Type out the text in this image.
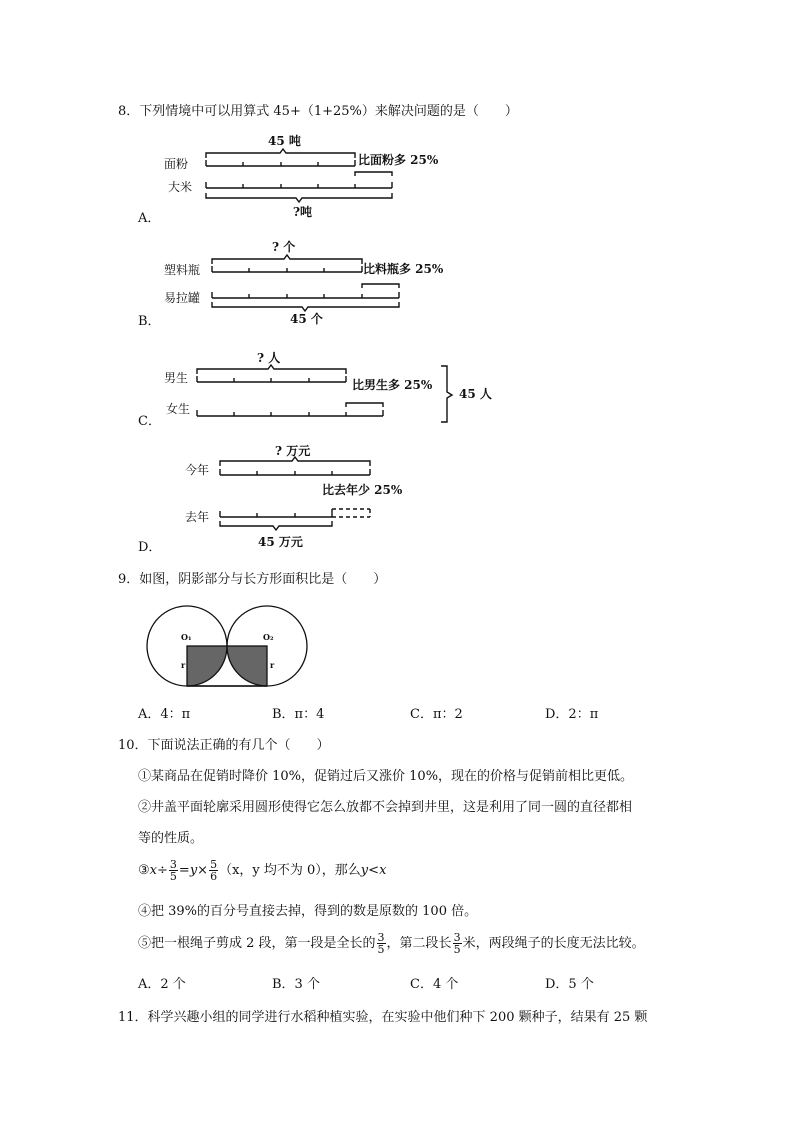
8．下列情境中可以用算式 45+（1+25%）来解决问题的是（　　）
45 吨
面粉	比面粉多 25%
大米
?吨
A．
? 个
塑料瓶	比料瓶多 25%
易拉罐
45 个
B．
? 人
男生	比男生多 25%
女生
45 人
C．
? 万元
今年
比去年少 25%
去年
45 万元
D．
9．如图，阴影部分与长方形面积比是（　　）
O₁	O₂
r	r
A．4：π	B．π：4	C．π：2	D．2：π
10．下面说法正确的有几个（　　）
①某商品在促销时降价 10%，促销过后又涨价 10%，现在的价格与促销前相比更低。
②井盖平面轮廓采用圆形使得它怎么放都不会掉到井里，这是利用了同一圆的直径都相
等的性质。
③x÷ $\frac{3}{5} =y\times \frac{5}{6} (x$，y 均不为 0），那么y<x
④把 39%的百分号直接去掉，得到的数是原数的 100 倍。
⑤把一根绳子剪成 2 段，第一段是全长的 $\frac{3}{5}$ ，第二段长 $\frac{3}{5}$ 米，两段绳子的长度无法比较。
A．2 个	B．3 个	C．4 个	D．5 个
11．科学兴趣小组的同学进行水稻种植实验，在实验中他们种下 200 颗种子，结果有 25 颗
